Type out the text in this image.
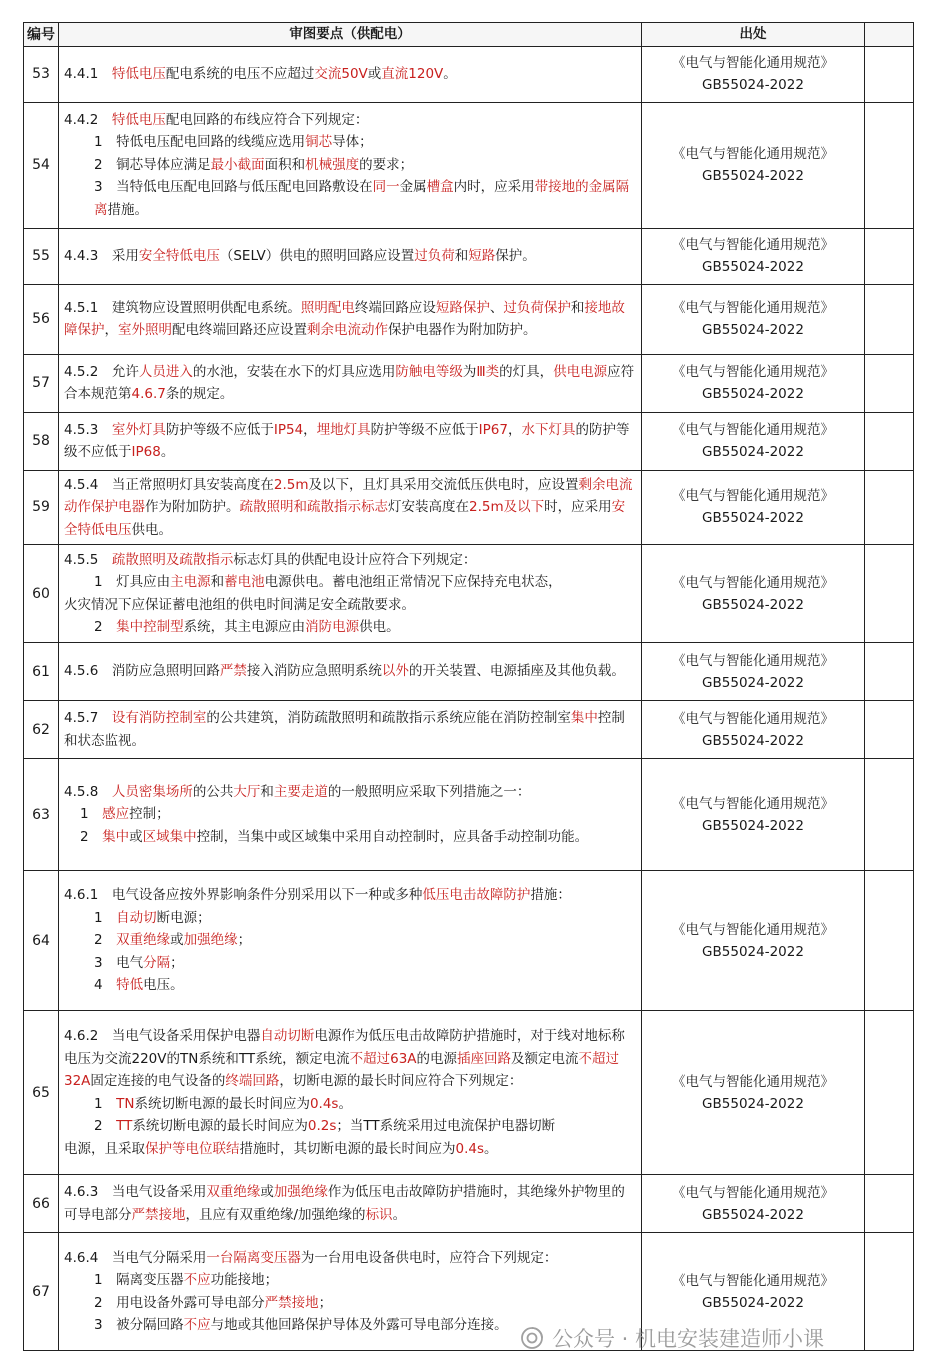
编号	审图要点（供配电）	出处	
53	4.4.1　特低电压配电系统的电压不应超过交流50V或直流120V。	《电气与智能化通用规范》
GB55024-2022	

54	4.4.2　特低电压配电回路的布线应符合下列规定：
1　特低电压配电回路的线缆应选用铜芯导体；
2　铜芯导体应满足最小截面面积和机械强度的要求；
3　当特低电压配电回路与低压配电回路敷设在同一金属槽盒内时，应采用带接地的金属隔离措施。	《电气与智能化通用规范》
GB55024-2022	

55	4.4.3　采用安全特低电压（SELV）供电的照明回路应设置过负荷和短路保护。	《电气与智能化通用规范》
GB55024-2022	

56	4.5.1　建筑物应设置照明供配电系统。照明配电终端回路应设短路保护、过负荷保护和接地故障保护，室外照明配电终端回路还应设置剩余电流动作保护电器作为附加防护。	《电气与智能化通用规范》
GB55024-2022	

57	4.5.2　允许人员进入的水池，安装在水下的灯具应选用防触电等级为Ⅲ类的灯具，供电电源应符合本规范第4.6.7条的规定。	《电气与智能化通用规范》
GB55024-2022	

58	4.5.3　室外灯具防护等级不应低于IP54，埋地灯具防护等级不应低于IP67，水下灯具的防护等级不应低于IP68。	《电气与智能化通用规范》
GB55024-2022	

59	4.5.4　当正常照明灯具安装高度在2.5m及以下，且灯具采用交流低压供电时，应设置剩余电流动作保护电器作为附加防护。疏散照明和疏散指示标志灯安装高度在2.5m及以下时，应采用安全特低电压供电。	《电气与智能化通用规范》
GB55024-2022	

60	4.5.5　疏散照明及疏散指示标志灯具的供配电设计应符合下列规定：
1　灯具应由主电源和蓄电池电源供电。蓄电池组正常情况下应保持充电状态，
火灾情况下应保证蓄电池组的供电时间满足安全疏散要求。
2　集中控制型系统，其主电源应由消防电源供电。	《电气与智能化通用规范》
GB55024-2022	

61	4.5.6　消防应急照明回路严禁接入消防应急照明系统以外的开关装置、电源插座及其他负载。	《电气与智能化通用规范》
GB55024-2022	

62	4.5.7　设有消防控制室的公共建筑，消防疏散照明和疏散指示系统应能在消防控制室集中控制和状态监视。	《电气与智能化通用规范》
GB55024-2022	

63	4.5.8　人员密集场所的公共大厅和主要走道的一般照明应采取下列措施之一：
1　感应控制；
2　集中或区域集中控制，当集中或区域集中采用自动控制时，应具备手动控制功能。	《电气与智能化通用规范》
GB55024-2022	

64	4.6.1　电气设备应按外界影响条件分别采用以下一种或多种低压电击故障防护措施：
1　自动切断电源；
2　双重绝缘或加强绝缘；
3　电气分隔；
4　特低电压。	《电气与智能化通用规范》
GB55024-2022	

65	4.6.2　当电气设备采用保护电器自动切断电源作为低压电击故障防护措施时，对于线对地标称电压为交流220V的TN系统和TT系统，额定电流不超过63A的电源插座回路及额定电流不超过32A固定连接的电气设备的终端回路，切断电源的最长时间应符合下列规定：
1　TN系统切断电源的最长时间应为0.4s。
2　TT系统切断电源的最长时间应为0.2s；当TT系统采用过电流保护电器切断
电源，且采取保护等电位联结措施时，其切断电源的最长时间应为0.4s。	《电气与智能化通用规范》
GB55024-2022	

66	4.6.3　当电气设备采用双重绝缘或加强绝缘作为低压电击故障防护措施时，其绝缘外护物里的可导电部分严禁接地，且应有双重绝缘/加强绝缘的标识。	《电气与智能化通用规范》
GB55024-2022	

67	4.6.4　当电气分隔采用一台隔离变压器为一台用电设备供电时，应符合下列规定：
1　隔离变压器不应功能接地；
2　用电设备外露可导电部分严禁接地；
3　被分隔回路不应与地或其他回路保护导体及外露可导电部分连接。	《电气与智能化通用规范》
GB55024-2022	

公众号 · 机电安装建造师小课
